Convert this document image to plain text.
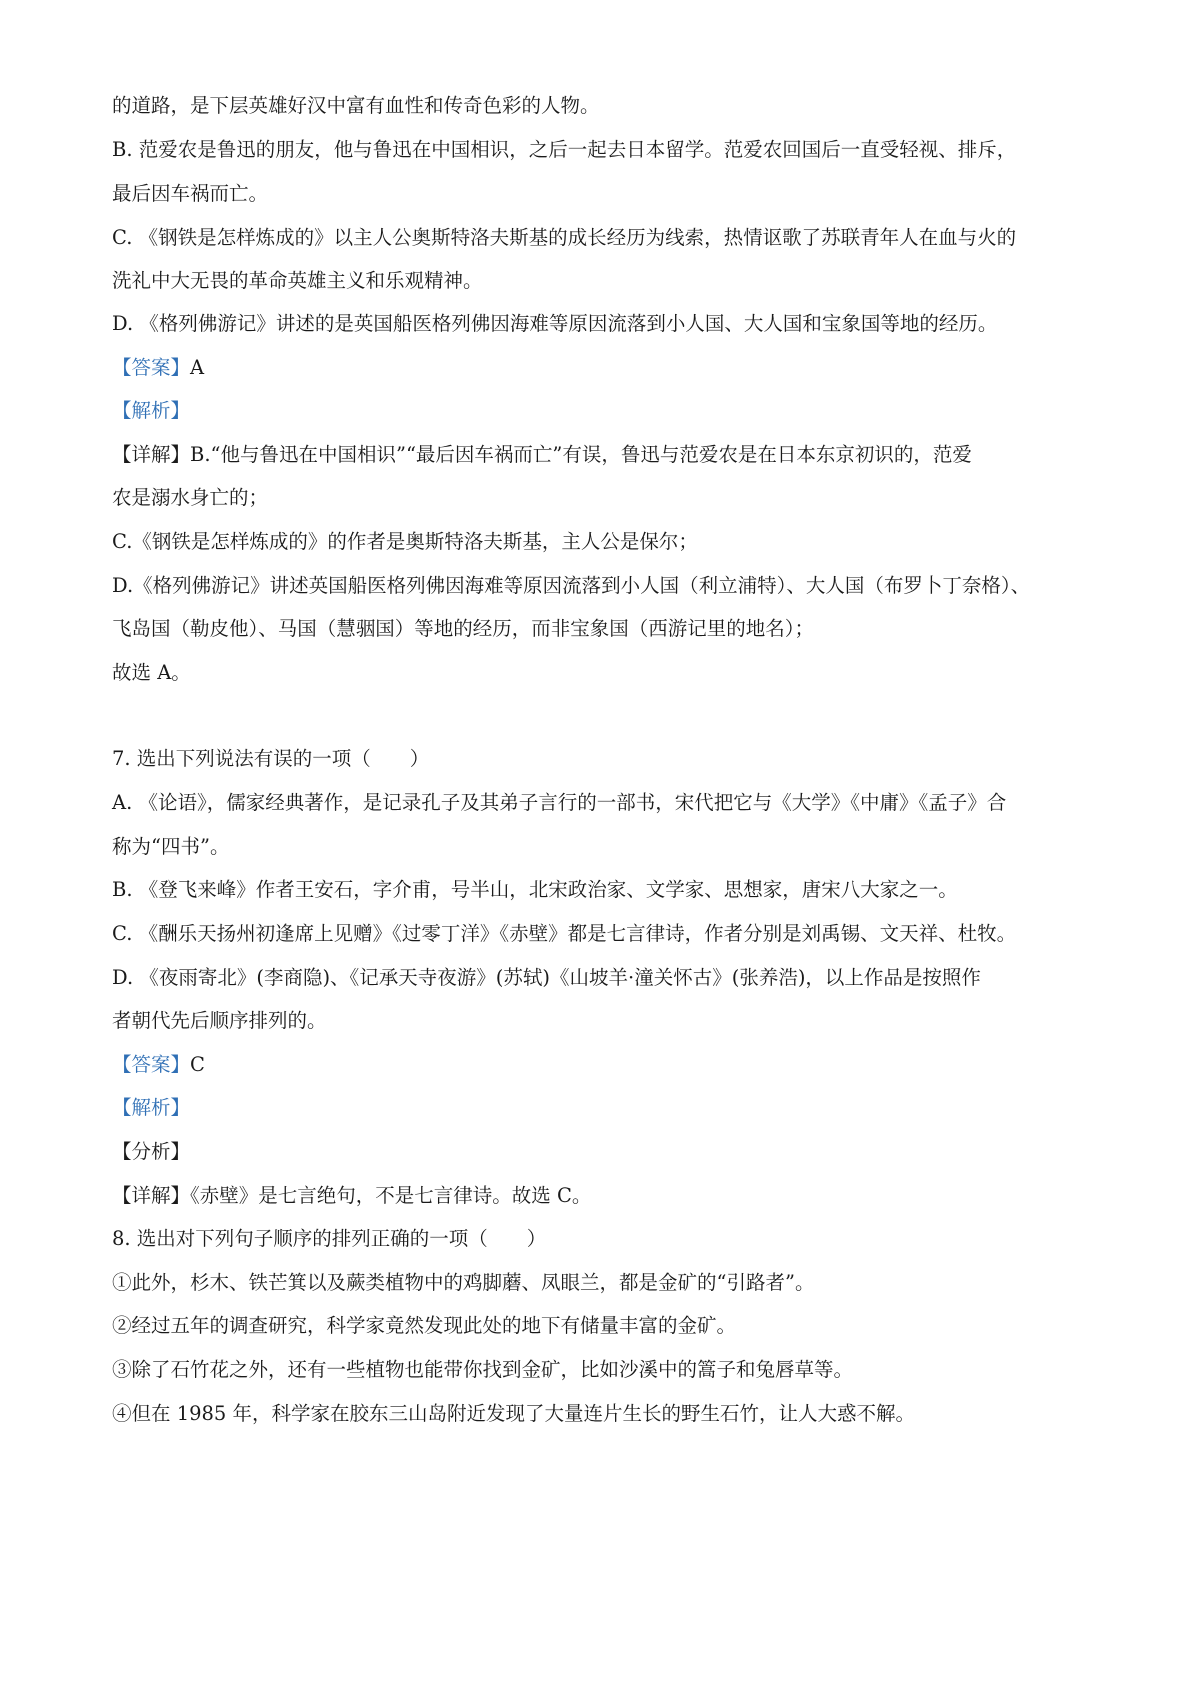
的道路，是下层英雄好汉中富有血性和传奇色彩的人物。
B. 范爱农是鲁迅的朋友，他与鲁迅在中国相识，之后一起去日本留学。范爱农回国后一直受轻视、排斥，
最后因车祸而亡。
C. 《钢铁是怎样炼成的》以主人公奥斯特洛夫斯基的成长经历为线索，热情讴歌了苏联青年人在血与火的
洗礼中大无畏的革命英雄主义和乐观精神。
D. 《格列佛游记》讲述的是英国船医格列佛因海难等原因流落到小人国、大人国和宝象国等地的经历。
【答案】A
【解析】
【详解】B.“他与鲁迅在中国相识”“最后因车祸而亡”有误，鲁迅与范爱农是在日本东京初识的，范爱
农是溺水身亡的；
C.《钢铁是怎样炼成的》的作者是奥斯特洛夫斯基，主人公是保尔；
D.《格列佛游记》讲述英国船医格列佛因海难等原因流落到小人国（利立浦特）、大人国（布罗卜丁奈格）、
飞岛国（勒皮他）、马国（慧骃国）等地的经历，而非宝象国（西游记里的地名）；
故选 A。
7. 选出下列说法有误的一项（　　）
A. 《论语》，儒家经典著作，是记录孔子及其弟子言行的一部书，宋代把它与《大学》《中庸》《孟子》合
称为“四书”。
B. 《登飞来峰》作者王安石，字介甫，号半山，北宋政治家、文学家、思想家，唐宋八大家之一。
C. 《酬乐天扬州初逢席上见赠》《过零丁洋》《赤壁》都是七言律诗，作者分别是刘禹锡、文天祥、杜牧。
D. 《夜雨寄北》(李商隐)、《记承天寺夜游》(苏轼)《山坡羊·潼关怀古》(张养浩)，以上作品是按照作
者朝代先后顺序排列的。
【答案】C
【解析】
【分析】
【详解】《赤壁》是七言绝句，不是七言律诗。故选 C。
8. 选出对下列句子顺序的排列正确的一项（　　）
①此外，杉木、铁芒箕以及蕨类植物中的鸡脚蘑、凤眼兰，都是金矿的“引路者”。
②经过五年的调查研究，科学家竟然发现此处的地下有储量丰富的金矿。
③除了石竹花之外，还有一些植物也能带你找到金矿，比如沙溪中的篙子和兔唇草等。
④但在 1985 年，科学家在胶东三山岛附近发现了大量连片生长的野生石竹，让人大惑不解。
